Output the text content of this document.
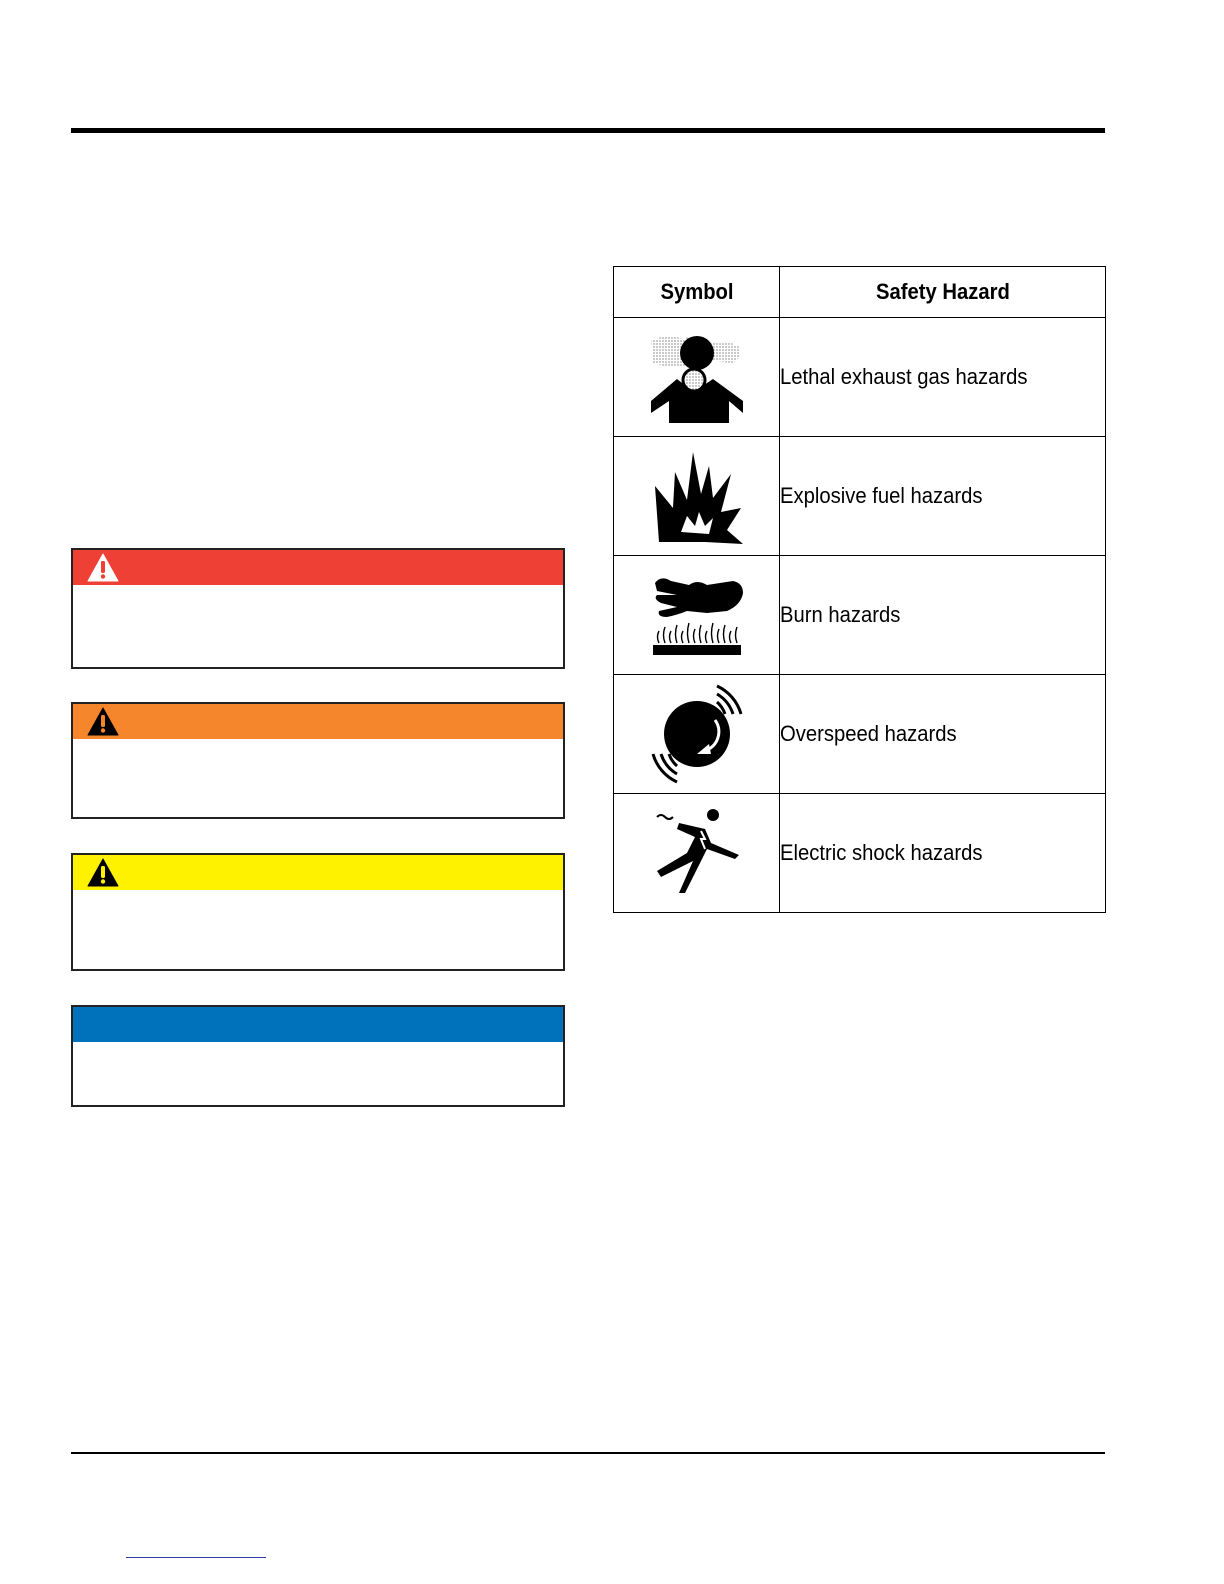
Symbol	Safety Hazard

	Lethal exhaust gas hazards

	Explosive fuel hazards

	Burn hazards

	Overspeed hazards

	Electric shock hazards
